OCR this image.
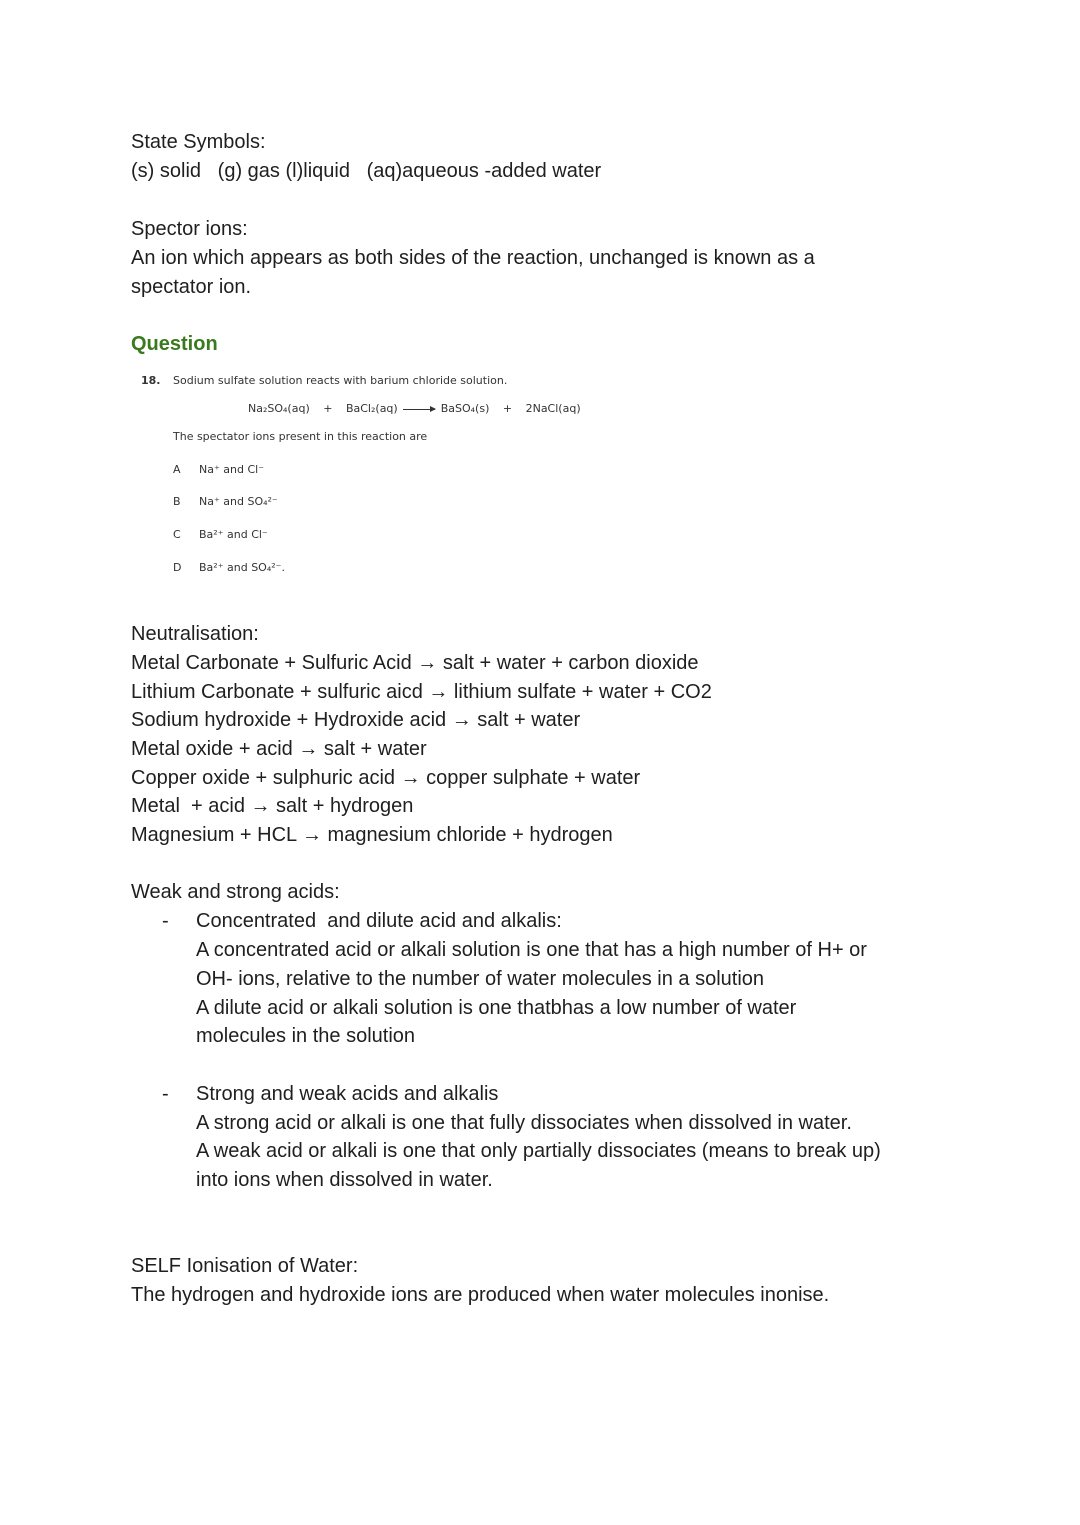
State Symbols:
(s) solid   (g) gas (l)liquid   (aq)aqueous -added water
Spector ions:
An ion which appears as both sides of the reaction, unchanged is known as a
spectator ion.
Question
18. Sodium sulfate solution reacts with barium chloride solution.
Na₂SO₄(aq) + BaCl₂(aq) → BaSO₄(s) + 2NaCl(aq)
The spectator ions present in this reaction are
A Na⁺ and Cl⁻
B Na⁺ and SO₄²⁻
C Ba²⁺ and Cl⁻
D Ba²⁺ and SO₄²⁻.
Neutralisation:
Metal Carbonate + Sulfuric Acid → salt + water + carbon dioxide
Lithium Carbonate + sulfuric aicd → lithium sulfate + water + CO2
Sodium hydroxide + Hydroxide acid → salt + water
Metal oxide + acid → salt + water
Copper oxide + sulphuric acid → copper sulphate + water
Metal  + acid → salt + hydrogen
Magnesium + HCL → magnesium chloride + hydrogen
Weak and strong acids:
- Concentrated  and dilute acid and alkalis:
A concentrated acid or alkali solution is one that has a high number of H+ or
OH- ions, relative to the number of water molecules in a solution
A dilute acid or alkali solution is one thatbhas a low number of water
molecules in the solution
- Strong and weak acids and alkalis
A strong acid or alkali is one that fully dissociates when dissolved in water.
A weak acid or alkali is one that only partially dissociates (means to break up)
into ions when dissolved in water.
SELF Ionisation of Water:
The hydrogen and hydroxide ions are produced when water molecules inonise.
